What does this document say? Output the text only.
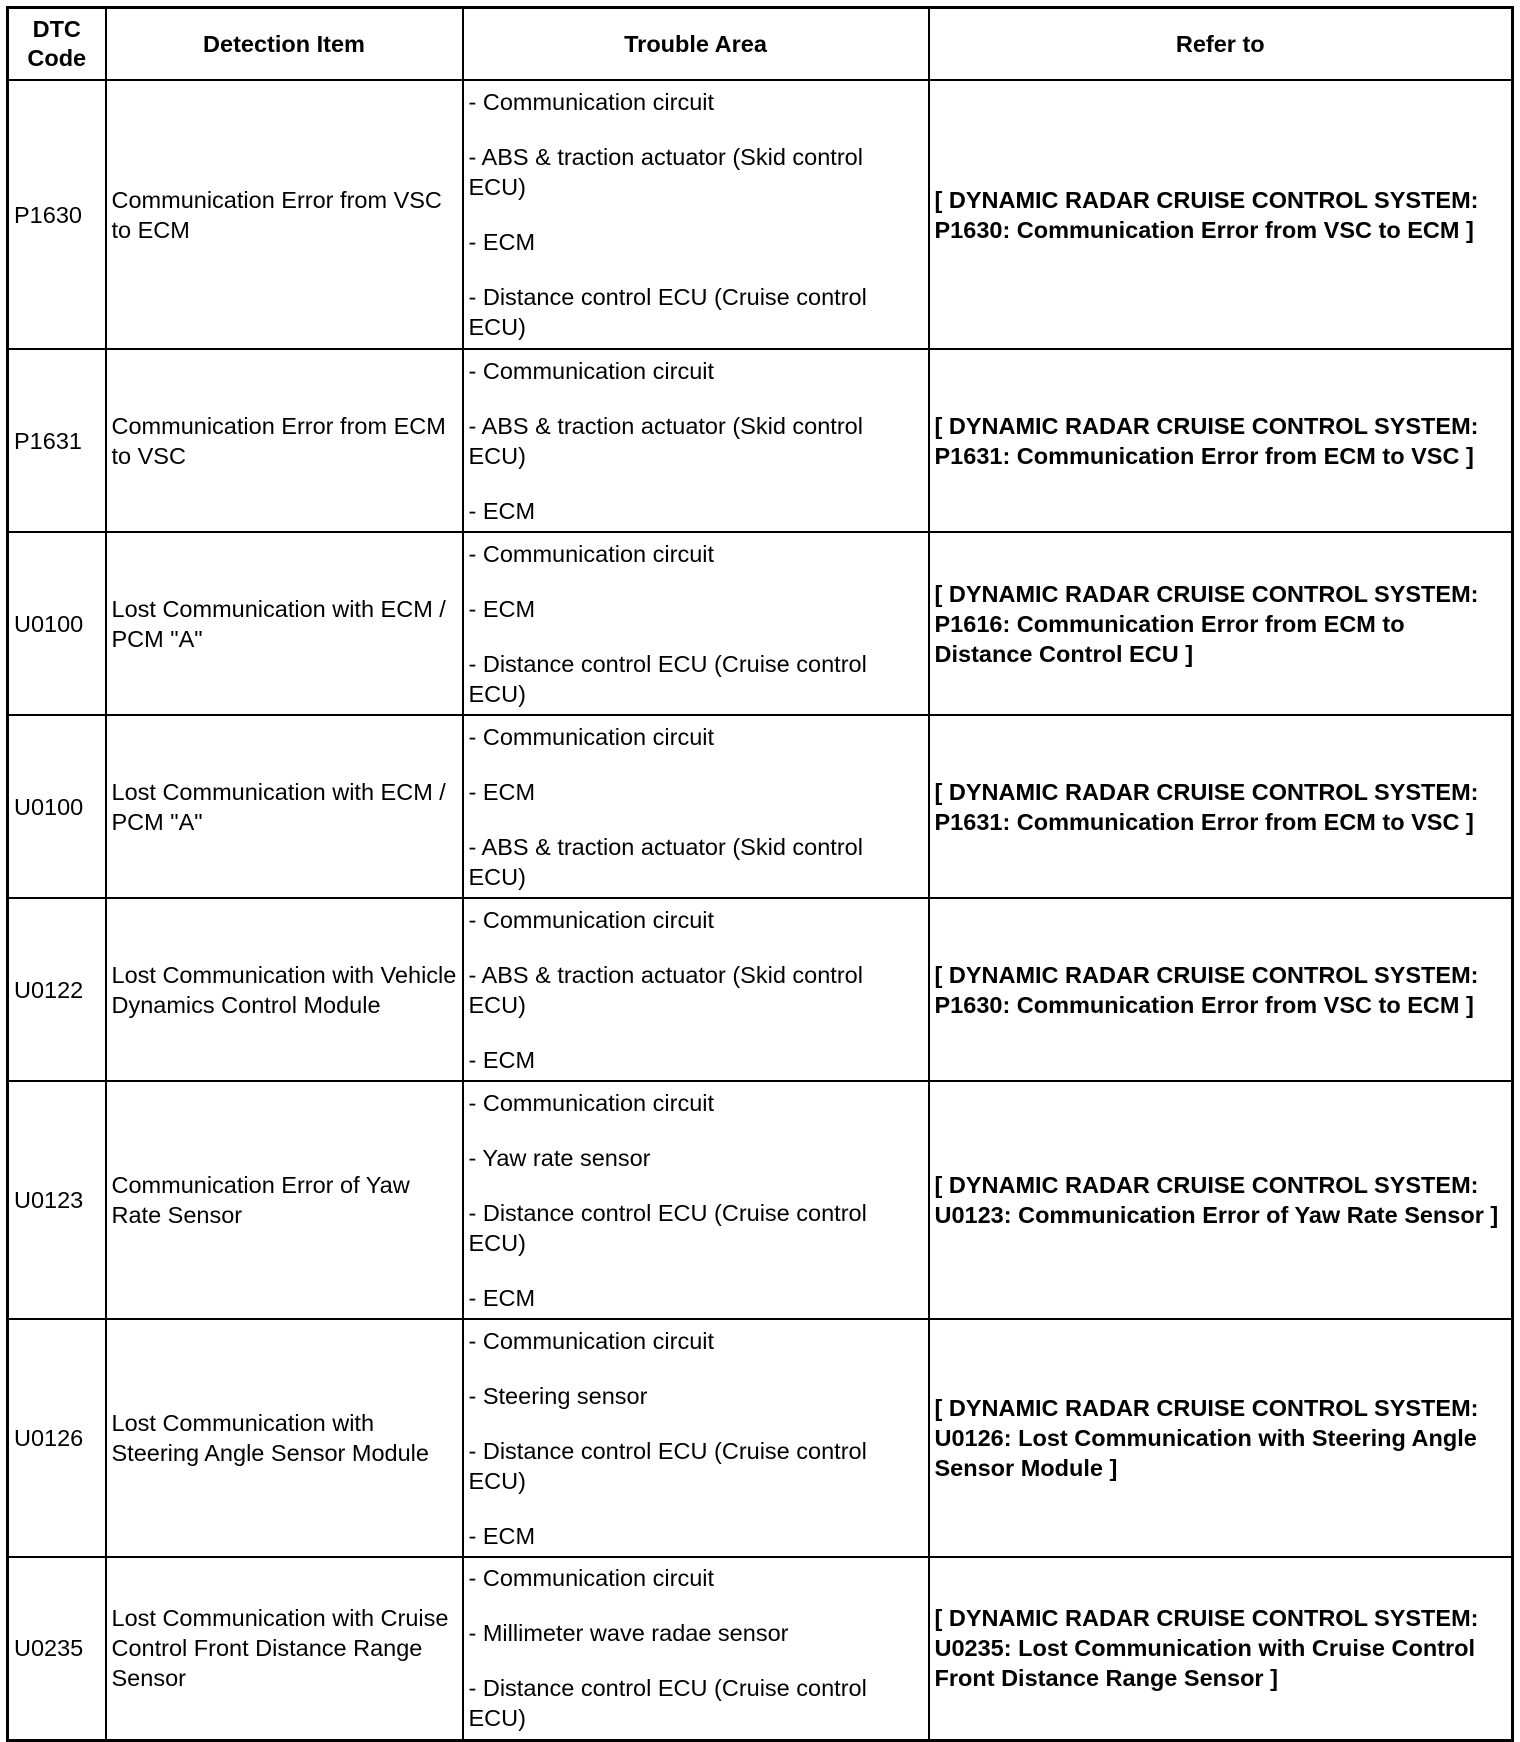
DTC
Code	Detection Item	Trouble Area	Refer to
P1630	Communication Error from VSC to ECM	- Communication circuit
- ABS & traction actuator (Skid control ECU)
- ECM
- Distance control ECU (Cruise control ECU)	[ DYNAMIC RADAR CRUISE CONTROL SYSTEM: P1630: Communication Error from VSC to ECM ]
P1631	Communication Error from ECM to VSC	- Communication circuit
- ABS & traction actuator (Skid control ECU)
- ECM	[ DYNAMIC RADAR CRUISE CONTROL SYSTEM: P1631: Communication Error from ECM to VSC ]
U0100	Lost Communication with ECM / PCM "A"	- Communication circuit
- ECM
- Distance control ECU (Cruise control ECU)	[ DYNAMIC RADAR CRUISE CONTROL SYSTEM: P1616: Communication Error from ECM to Distance Control ECU ]
U0100	Lost Communication with ECM / PCM "A"	- Communication circuit
- ECM
- ABS & traction actuator (Skid control ECU)	[ DYNAMIC RADAR CRUISE CONTROL SYSTEM: P1631: Communication Error from ECM to VSC ]
U0122	Lost Communication with Vehicle Dynamics Control Module	- Communication circuit
- ABS & traction actuator (Skid control ECU)
- ECM	[ DYNAMIC RADAR CRUISE CONTROL SYSTEM: P1630: Communication Error from VSC to ECM ]
U0123	Communication Error of Yaw Rate Sensor	- Communication circuit
- Yaw rate sensor
- Distance control ECU (Cruise control ECU)
- ECM	[ DYNAMIC RADAR CRUISE CONTROL SYSTEM: U0123: Communication Error of Yaw Rate Sensor ]
U0126	Lost Communication with Steering Angle Sensor Module	- Communication circuit
- Steering sensor
- Distance control ECU (Cruise control ECU)
- ECM	[ DYNAMIC RADAR CRUISE CONTROL SYSTEM: U0126: Lost Communication with Steering Angle Sensor Module ]
U0235	Lost Communication with Cruise Control Front Distance Range Sensor	- Communication circuit
- Millimeter wave radae sensor
- Distance control ECU (Cruise control ECU)	[ DYNAMIC RADAR CRUISE CONTROL SYSTEM: U0235: Lost Communication with Cruise Control Front Distance Range Sensor ]
